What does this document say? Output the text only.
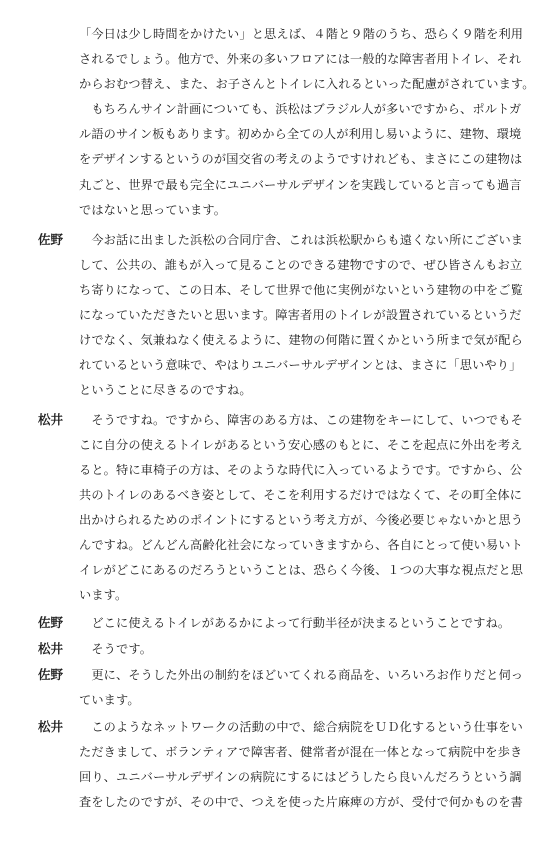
「今日は少し時間をかけたい」と思えば、４階と９階のうち、恐らく９階を利用
されるでしょう。他方で、外来の多いフロアには一般的な障害者用トイレ、それ
からおむつ替え、また、お子さんとトイレに入れるといった配慮がされています。
　もちろんサイン計画についても、浜松はブラジル人が多いですから、ポルトガ
ル語のサイン板もあります。初めから全ての人が利用し易いように、建物、環境
をデザインするというのが国交省の考えのようですけれども、まさにこの建物は
丸ごと、世界で最も完全にユニバーサルデザインを実践していると言っても過言
ではないと思っています。
佐野 　今お話に出ました浜松の合同庁舎、これは浜松駅からも遠くない所にございま
して、公共の、誰もが入って見ることのできる建物ですので、ぜひ皆さんもお立
ち寄りになって、この日本、そして世界で他に実例がないという建物の中をご覧
になっていただきたいと思います。障害者用のトイレが設置されているというだ
けでなく、気兼ねなく使えるように、建物の何階に置くかという所まで気が配ら
れているという意味で、やはりユニバーサルデザインとは、まさに「思いやり」
ということに尽きるのですね。
松井 　そうですね。ですから、障害のある方は、この建物をキーにして、いつでもそ
こに自分の使えるトイレがあるという安心感のもとに、そこを起点に外出を考え
ると。特に車椅子の方は、そのような時代に入っているようです。ですから、公
共のトイレのあるべき姿として、そこを利用するだけではなくて、その町全体に
出かけられるためのポイントにするという考え方が、今後必要じゃないかと思う
んですね。どんどん高齢化社会になっていきますから、各自にとって使い易いト
イレがどこにあるのだろうということは、恐らく今後、１つの大事な視点だと思
います。
佐野 　どこに使えるトイレがあるかによって行動半径が決まるということですね。
松井 　そうです。
佐野 　更に、そうした外出の制約をほどいてくれる商品を、いろいろお作りだと伺っ
ています。
松井 　このようなネットワークの活動の中で、総合病院をＵＤ化するという仕事をい
ただきまして、ボランティアで障害者、健常者が混在一体となって病院中を歩き
回り、ユニバーサルデザインの病院にするにはどうしたら良いんだろうという調
査をしたのですが、その中で、つえを使った片麻痺の方が、受付で何かものを書
